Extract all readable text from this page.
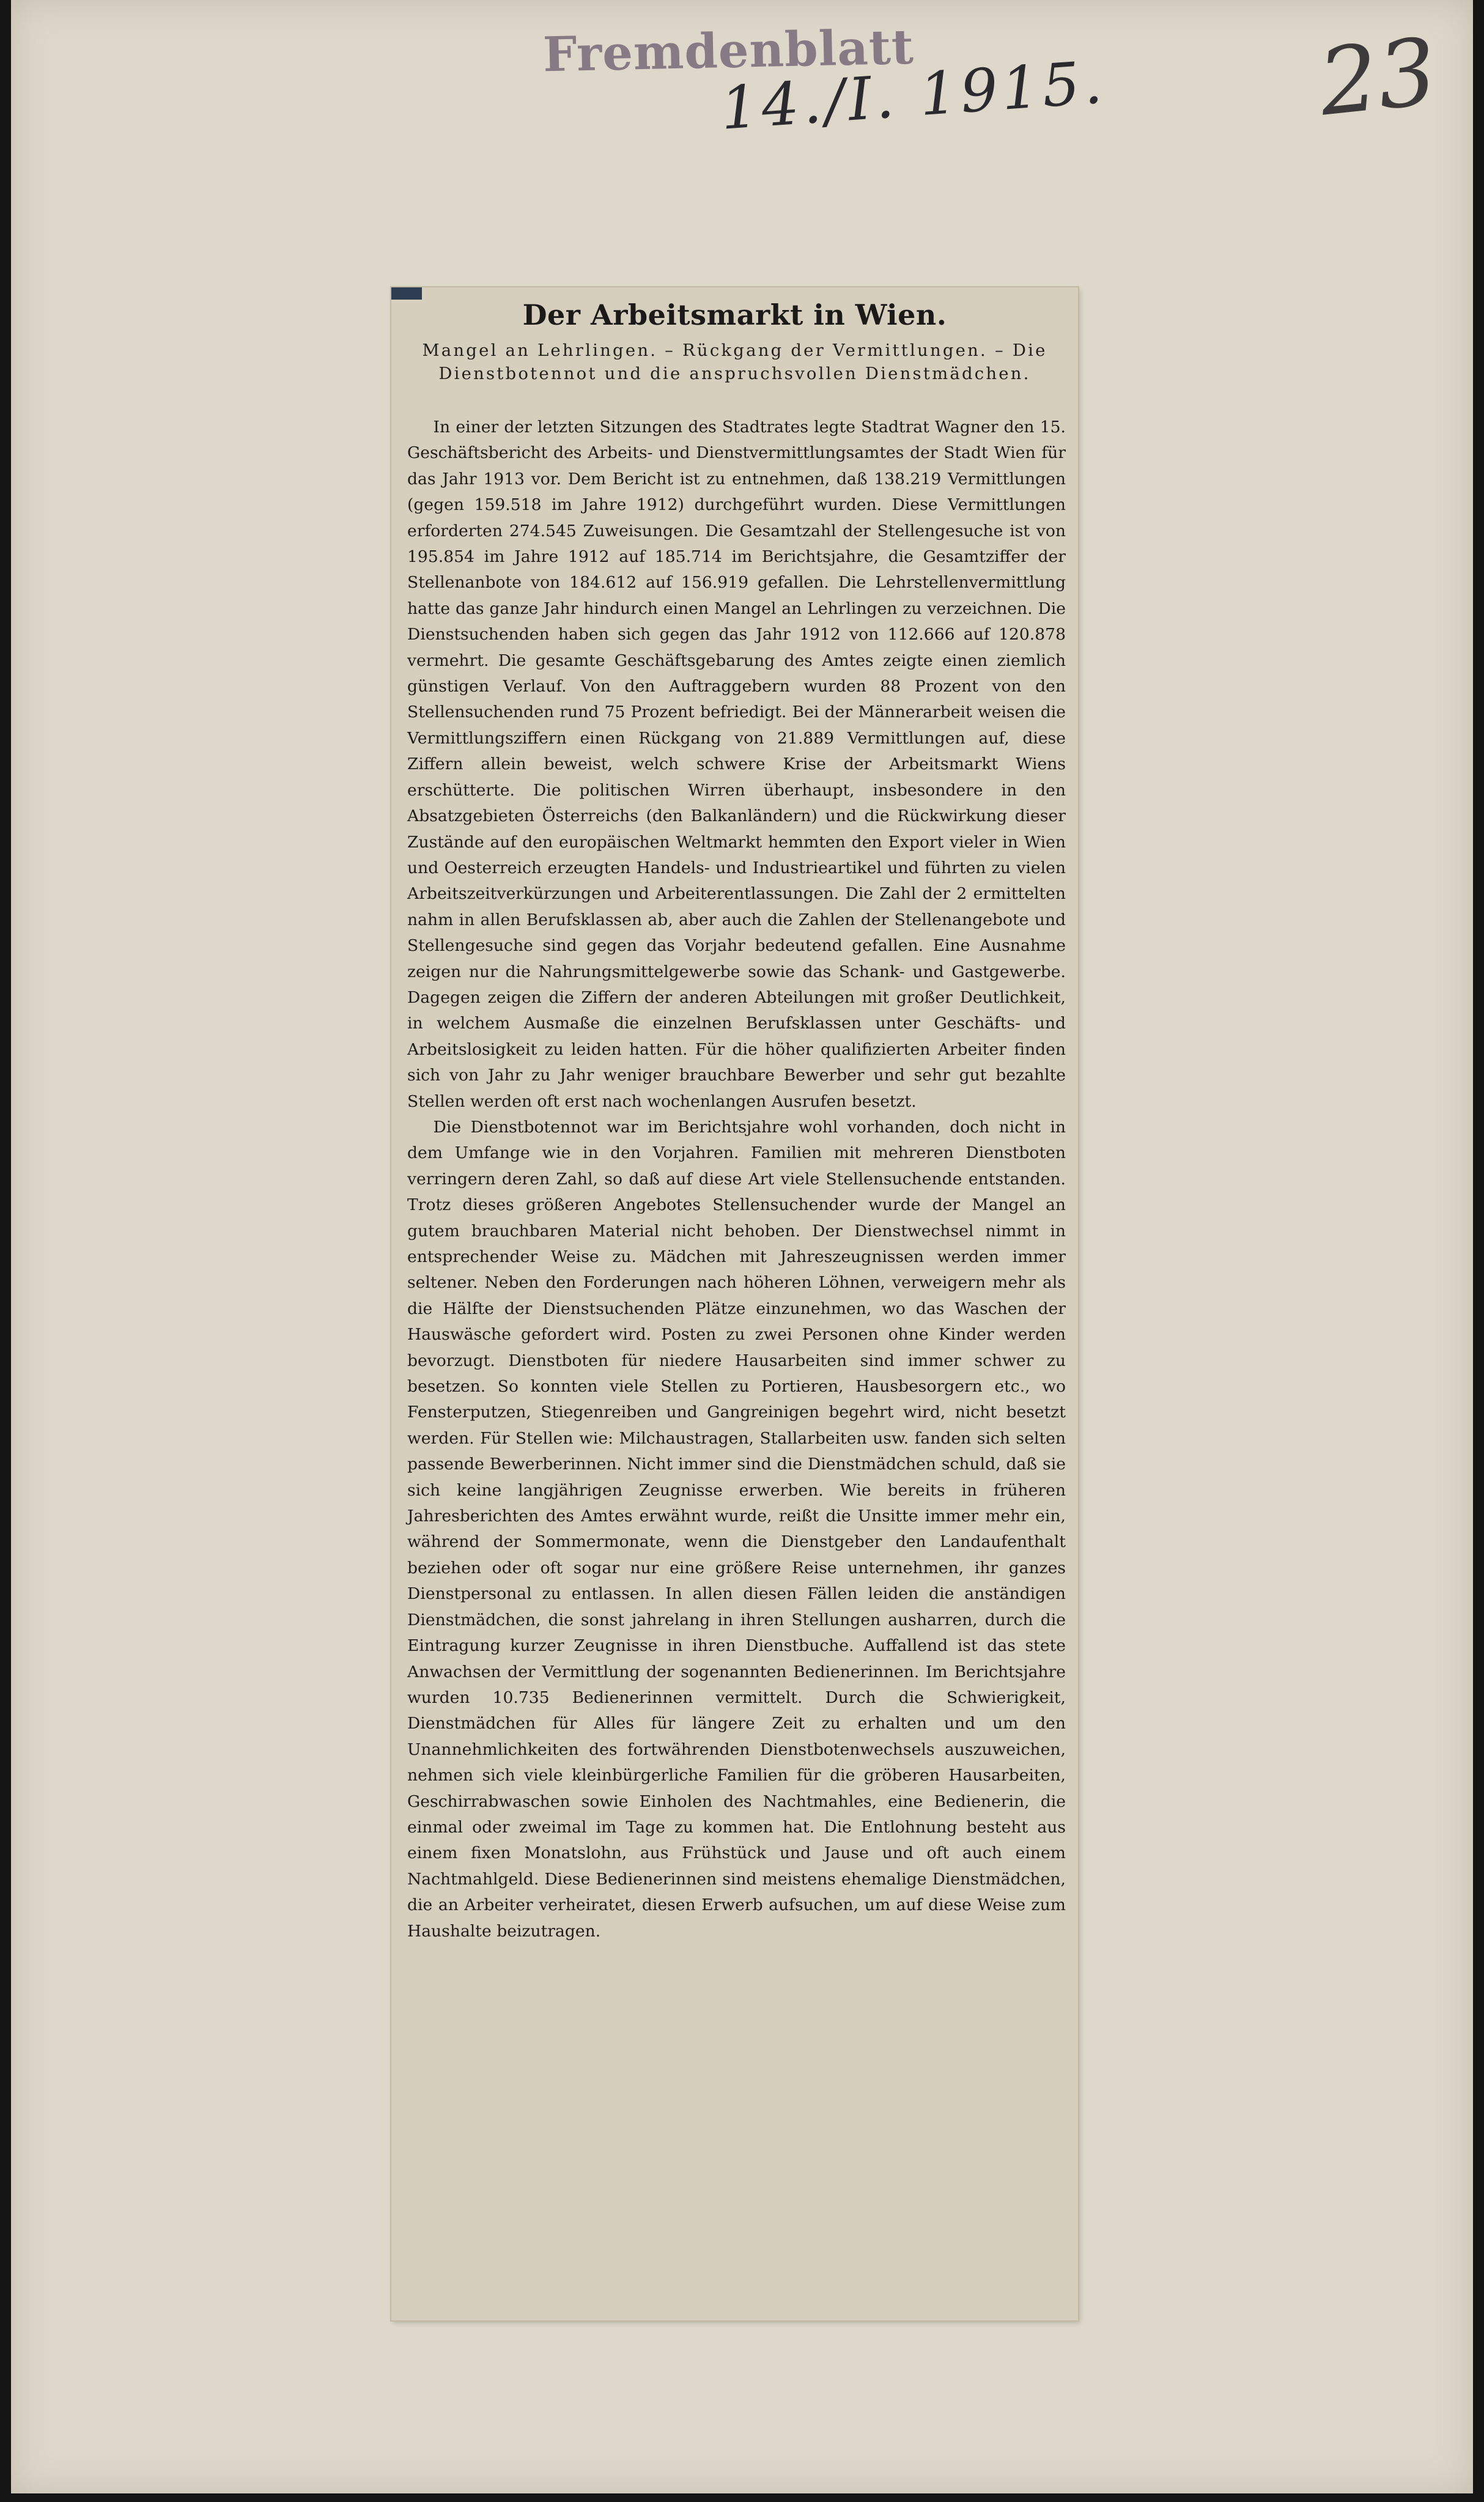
Fremdenblatt
14./I. 1915. 23
Der Arbeitsmarkt in Wien.
Mangel an Lehrlingen. – Rückgang der Vermittlungen. – Die Dienstbotennot und die anspruchsvollen Dienstmädchen.

In einer der letzten Sitzungen des Stadtrates legte Stadtrat Wagner den 15. Geschäftsbericht des Arbeits- und Dienstvermittlungsamtes der Stadt Wien für das Jahr 1913 vor. Dem Bericht ist zu entnehmen, daß 138.219 Vermittlungen (gegen 159.518 im Jahre 1912) durchgeführt wurden. Diese Vermittlungen erforderten 274.545 Zuweisungen. Die Gesamtzahl der Stellengesuche ist von 195.854 im Jahre 1912 auf 185.714 im Berichtsjahre, die Gesamtziffer der Stellenanbote von 184.612 auf 156.919 gefallen. Die Lehrstellenvermittlung hatte das ganze Jahr hindurch einen Mangel an Lehrlingen zu verzeichnen. Die Dienstsuchenden haben sich gegen das Jahr 1912 von 112.666 auf 120.878 vermehrt. Die gesamte Geschäftsgebarung des Amtes zeigte einen ziemlich günstigen Verlauf. Von den Auftraggebern wurden 88 Prozent von den Stellensuchenden rund 75 Prozent befriedigt. Bei der Männerarbeit weisen die Vermittlungsziffern einen Rückgang von 21.889 Vermittlungen auf, diese Ziffern allein beweist, welch schwere Krise der Arbeitsmarkt Wiens erschütterte. Die politischen Wirren überhaupt, insbesondere in den Absatzgebieten Österreichs (den Balkanländern) und die Rückwirkung dieser Zustände auf den europäischen Weltmarkt hemmten den Export vieler in Wien und Oesterreich erzeugten Handels- und Industrieartikel und führten zu vielen Arbeitszeitverkürzungen und Arbeiterentlassungen. Die Zahl der 2 ermittelten nahm in allen Berufsklassen ab, aber auch die Zahlen der Stellenangebote und Stellengesuche sind gegen das Vorjahr bedeutend gefallen. Eine Ausnahme zeigen nur die Nahrungsmittelgewerbe sowie das Schank- und Gastgewerbe. Dagegen zeigen die Ziffern der anderen Abteilungen mit großer Deutlichkeit, in welchem Ausmaße die einzelnen Berufsklassen unter Geschäfts- und Arbeitslosigkeit zu leiden hatten. Für die höher qualifizierten Arbeiter finden sich von Jahr zu Jahr weniger brauchbare Bewerber und sehr gut bezahlte Stellen werden oft erst nach wochenlangen Ausrufen besetzt.

Die Dienstbotennot war im Berichtsjahre wohl vorhanden, doch nicht in dem Umfange wie in den Vorjahren. Familien mit mehreren Dienstboten verringern deren Zahl, so daß auf diese Art viele Stellensuchende entstanden. Trotz dieses größeren Angebotes Stellensuchender wurde der Mangel an gutem brauchbaren Material nicht behoben. Der Dienstwechsel nimmt in entsprechender Weise zu. Mädchen mit Jahreszeugnissen werden immer seltener. Neben den Forderungen nach höheren Löhnen, verweigern mehr als die Hälfte der Dienstsuchenden Plätze einzunehmen, wo das Waschen der Hauswäsche gefordert wird. Posten zu zwei Personen ohne Kinder werden bevorzugt. Dienstboten für niedere Hausarbeiten sind immer schwer zu besetzen. So konnten viele Stellen zu Portieren, Hausbesorgern etc., wo Fensterputzen, Stiegenreiben und Gangreinigen begehrt wird, nicht besetzt werden. Für Stellen wie: Milchaustragen, Stallarbeiten usw. fanden sich selten passende Bewerberinnen. Nicht immer sind die Dienstmädchen schuld, daß sie sich keine langjährigen Zeugnisse erwerben. Wie bereits in früheren Jahresberichten des Amtes erwähnt wurde, reißt die Unsitte immer mehr ein, während der Sommermonate, wenn die Dienstgeber den Landaufenthalt beziehen oder oft sogar nur eine größere Reise unternehmen, ihr ganzes Dienstpersonal zu entlassen. In allen diesen Fällen leiden die anständigen Dienstmädchen, die sonst jahrelang in ihren Stellungen ausharren, durch die Eintragung kurzer Zeugnisse in ihren Dienstbuche. Auffallend ist das stete Anwachsen der Vermittlung der sogenannten Bedienerinnen. Im Berichtsjahre wurden 10.735 Bedienerinnen vermittelt. Durch die Schwierigkeit, Dienstmädchen für Alles für längere Zeit zu erhalten und um den Unannehmlichkeiten des fortwährenden Dienstbotenwechsels auszuweichen, nehmen sich viele kleinbürgerliche Familien für die gröberen Hausarbeiten, Geschirrabwaschen sowie Einholen des Nachtmahles, eine Bedienerin, die einmal oder zweimal im Tage zu kommen hat. Die Entlohnung besteht aus einem fixen Monatslohn, aus Frühstück und Jause und oft auch einem Nachtmahlgeld. Diese Bedienerinnen sind meistens ehemalige Dienstmädchen, die an Arbeiter verheiratet, diesen Erwerb aufsuchen, um auf diese Weise zum Haushalte beizutragen.
